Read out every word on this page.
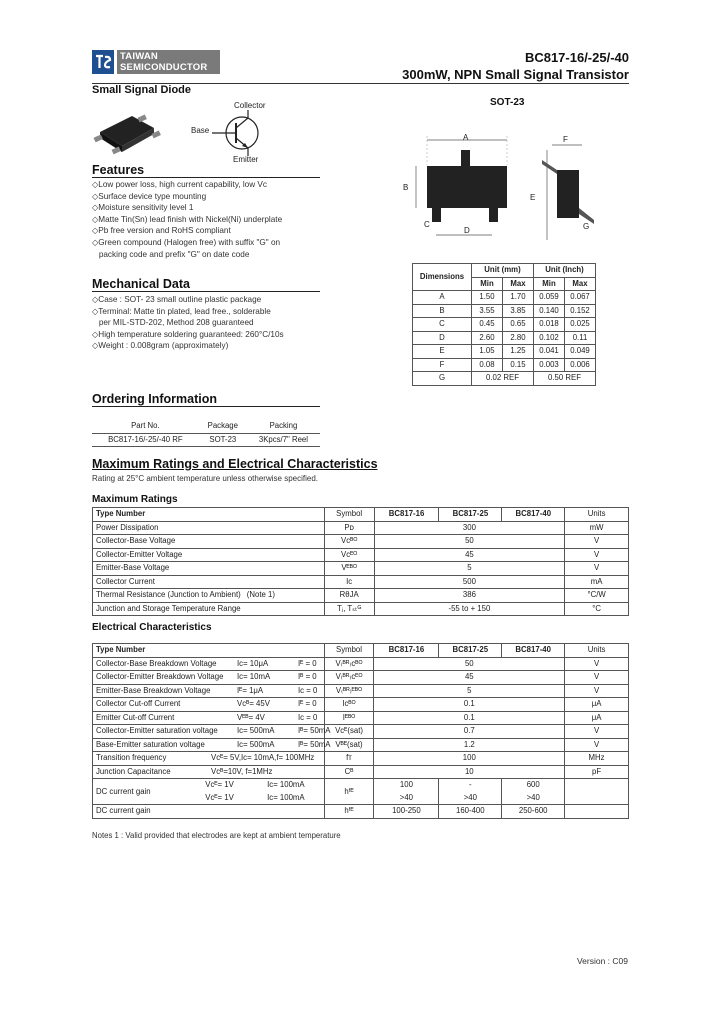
TAIWAN
SEMICONDUCTOR
BC817-16/-25/-40
300mW, NPN Small Signal Transistor
Small Signal Diode
Collector
Base
Emitter
SOT-23
A
B
C
D
E
F
G
Features
◇Low power loss, high current capability, low Vᴄ
◇Surface device type mounting
◇Moisture sensitivity level 1
◇Matte Tin(Sn) lead finish with Nickel(Ni) underplate
◇Pb free version and RoHS compliant
◇Green compound (Halogen free) with suffix "G" on
packing code and prefix "G" on date code
Mechanical Data
◇Case : SOT- 23 small outline plastic package
◇Terminal: Matte tin plated, lead free., solderable
per MIL-STD-202, Method 208 guaranteed
◇High temperature soldering guaranteed: 260°C/10s
◇Weight : 0.008gram (approximately)
Ordering Information
Part No.	Package	Packing
BC817-16/-25/-40 RF	SOT-23	3Kpcs/7" Reel
Dimensions	Unit (mm)		Unit (Inch)	
	Min	Max	Min	Max
A	1.50	1.70	0.059	0.067
B	3.55	3.85	0.140	0.152
C	0.45	0.65	0.018	0.025
D	2.60	2.80	0.102	0.11
E	1.05	1.25	0.041	0.049
F	0.08	0.15	0.003	0.006
G	0.02 REF		0.50 REF	
Maximum Ratings and Electrical Characteristics
Rating at 25°C ambient temperature unless otherwise specified.
Maximum Ratings
Type Number	Symbol	BC817-16	BC817-25	BC817-40	Units
Power Dissipation	Pᴅ	300			mW
Collector-Base Voltage	Vᴄᴮᴼ	50			V
Collector-Emitter Voltage	Vᴄᴱᴼ	45			V
Emitter-Base Voltage	Vᴱᴮᴼ	5			V
Collector Current	Iᴄ	500			mA
Thermal Resistance (Junction to Ambient) (Note 1)	RθJA	386			°C/W
Junction and Storage Temperature Range	Tⱼ, Tₛₜᴳ	-55 to + 150			°C
Electrical Characteristics
Type Number			Symbol	BC817-16	BC817-25	BC817-40	Units
Collector-Base Breakdown Voltage Iᴄ= 10μA Iᴱ = 0			V₍ᴮᴿ₎ᴄᴮᴼ	50			V
Collector-Emitter Breakdown Voltage Iᴄ= 10mA Iᴮ = 0			V₍ᴮᴿ₎ᴄᴱᴼ	45			V
Emitter-Base Breakdown Voltage Iᴱ= 1μA Iᴄ = 0			V₍ᴮᴿ₎ᴱᴮᴼ	5			V
Collector Cut-off Current Vᴄᴮ= 45V Iᴱ = 0			Iᴄᴮᴼ	0.1			μA
Emitter Cut-off Current Vᴱᴮ= 4V Iᴄ = 0			Iᴱᴮᴼ	0.1			μA
Collector-Emitter saturation voltage Iᴄ= 500mA Iᴮ= 50mA			Vᴄᴱ(sat)	0.7			V
Base-Emitter saturation voltage Iᴄ= 500mA Iᴮ= 50mA			Vᴮᴱ(sat)	1.2			V
Transition frequency Vᴄᴱ= 5V,Iᴄ= 10mA,f= 100MHz			fᴛ	100			MHz
Junction Capacitance Vᴄᴮ=10V, f=1MHz			Cᴮ	10			pF
DC current gain	Vᴄᴱ= 1V	Iᴄ= 100mA	hᶠᴱ	100	-	600	
	Vᴄᴱ= 1V	Iᴄ= 100mA		>40	>40	>40	
DC current gain			hᶠᴱ	100-250	160-400	250-600	
Notes 1 : Valid provided that electrodes are kept at ambient temperature
Version : C09
